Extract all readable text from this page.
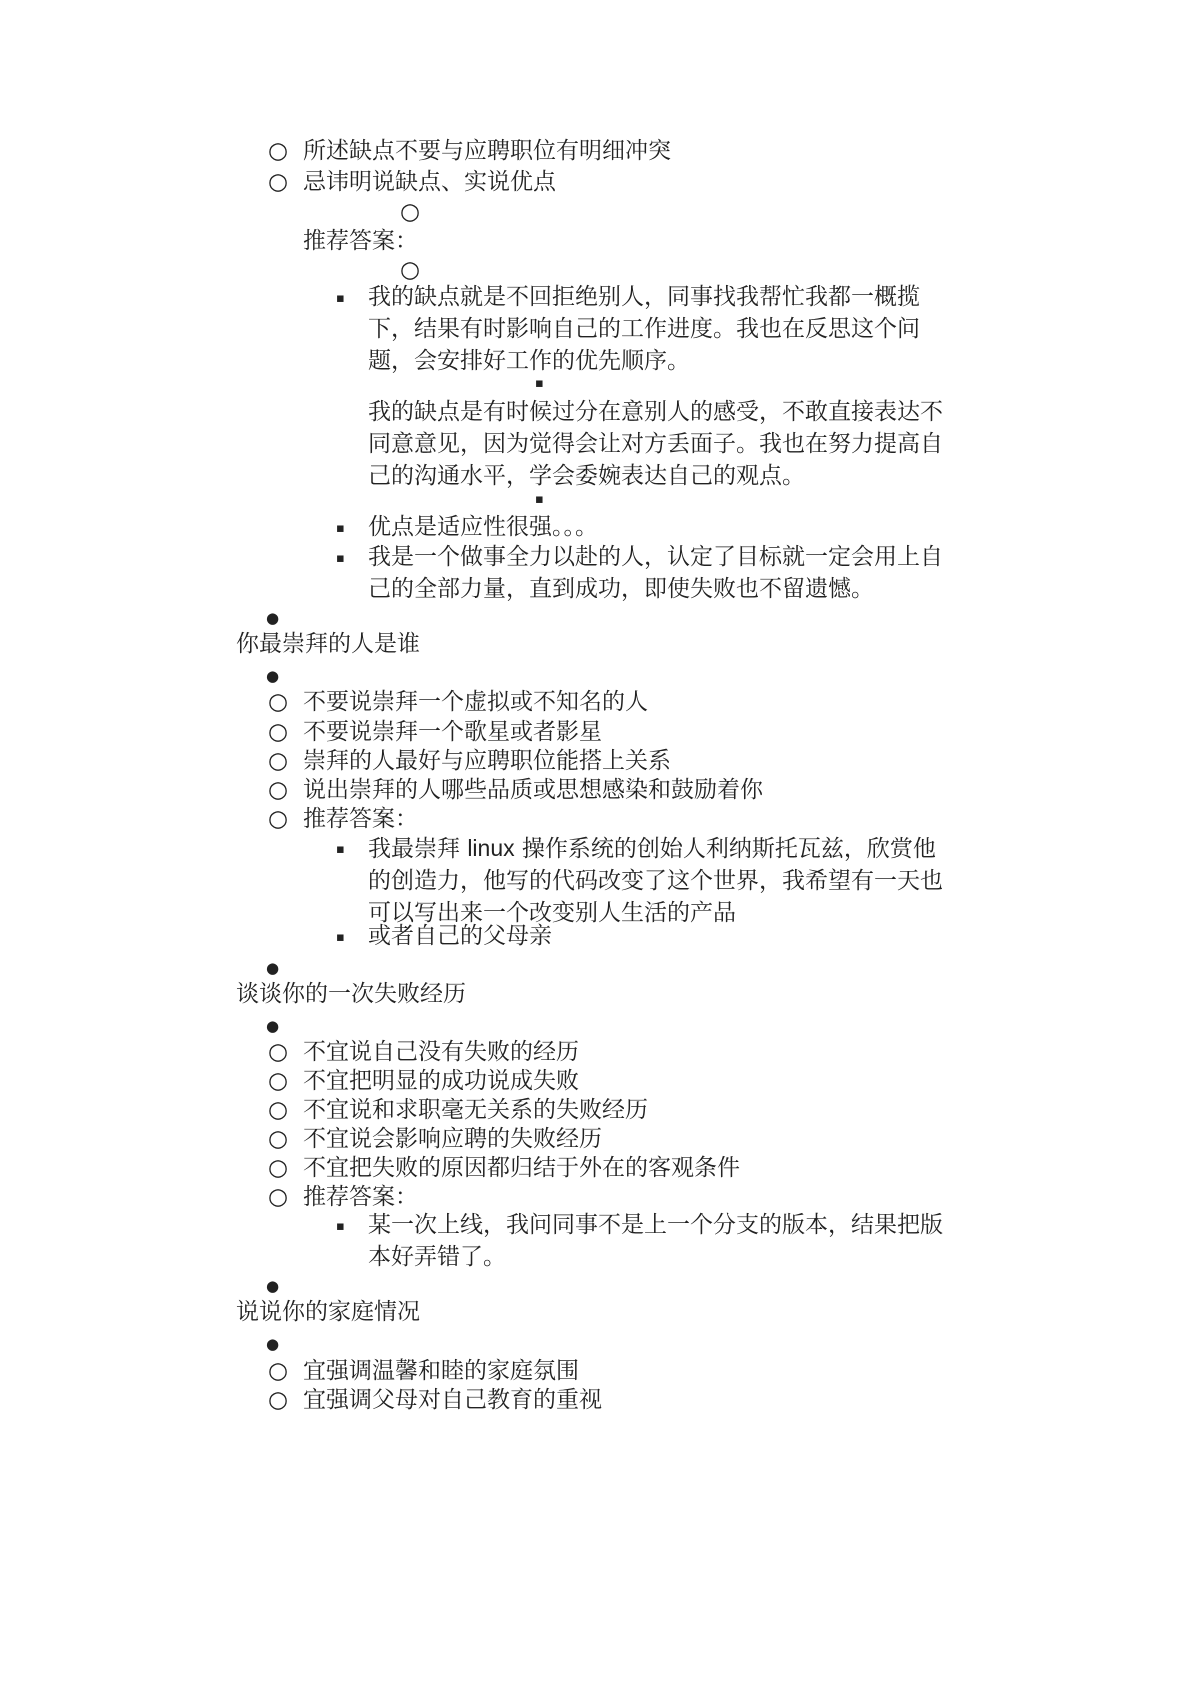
○ 所述缺点不要与应聘职位有明细冲突
○ 忌讳明说缺点、实说优点
○
推荐答案：
○
▪ 我的缺点就是不回拒绝别人，同事找我帮忙我都一概揽下，结果有时影响自己的工作进度。我也在反思这个问题，会安排好工作的优先顺序。
▪
我的缺点是有时候过分在意别人的感受，不敢直接表达不同意意见，因为觉得会让对方丢面子。我也在努力提高自己的沟通水平，学会委婉表达自己的观点。
▪
▪ 优点是适应性很强。。。
▪ 我是一个做事全力以赴的人，认定了目标就一定会用上自己的全部力量，直到成功，即使失败也不留遗憾。
●
你最崇拜的人是谁
●
○ 不要说崇拜一个虚拟或不知名的人
○ 不要说崇拜一个歌星或者影星
○ 崇拜的人最好与应聘职位能搭上关系
○ 说出崇拜的人哪些品质或思想感染和鼓励着你
○ 推荐答案：
▪ 我最崇拜 linux 操作系统的创始人利纳斯托瓦兹，欣赏他的创造力，他写的代码改变了这个世界，我希望有一天也可以写出来一个改变别人生活的产品
▪ 或者自己的父母亲
●
谈谈你的一次失败经历
●
○ 不宜说自己没有失败的经历
○ 不宜把明显的成功说成失败
○ 不宜说和求职毫无关系的失败经历
○ 不宜说会影响应聘的失败经历
○ 不宜把失败的原因都归结于外在的客观条件
○ 推荐答案：
▪ 某一次上线，我问同事不是上一个分支的版本，结果把版本好弄错了。
●
说说你的家庭情况
●
○ 宜强调温馨和睦的家庭氛围
○ 宜强调父母对自己教育的重视
